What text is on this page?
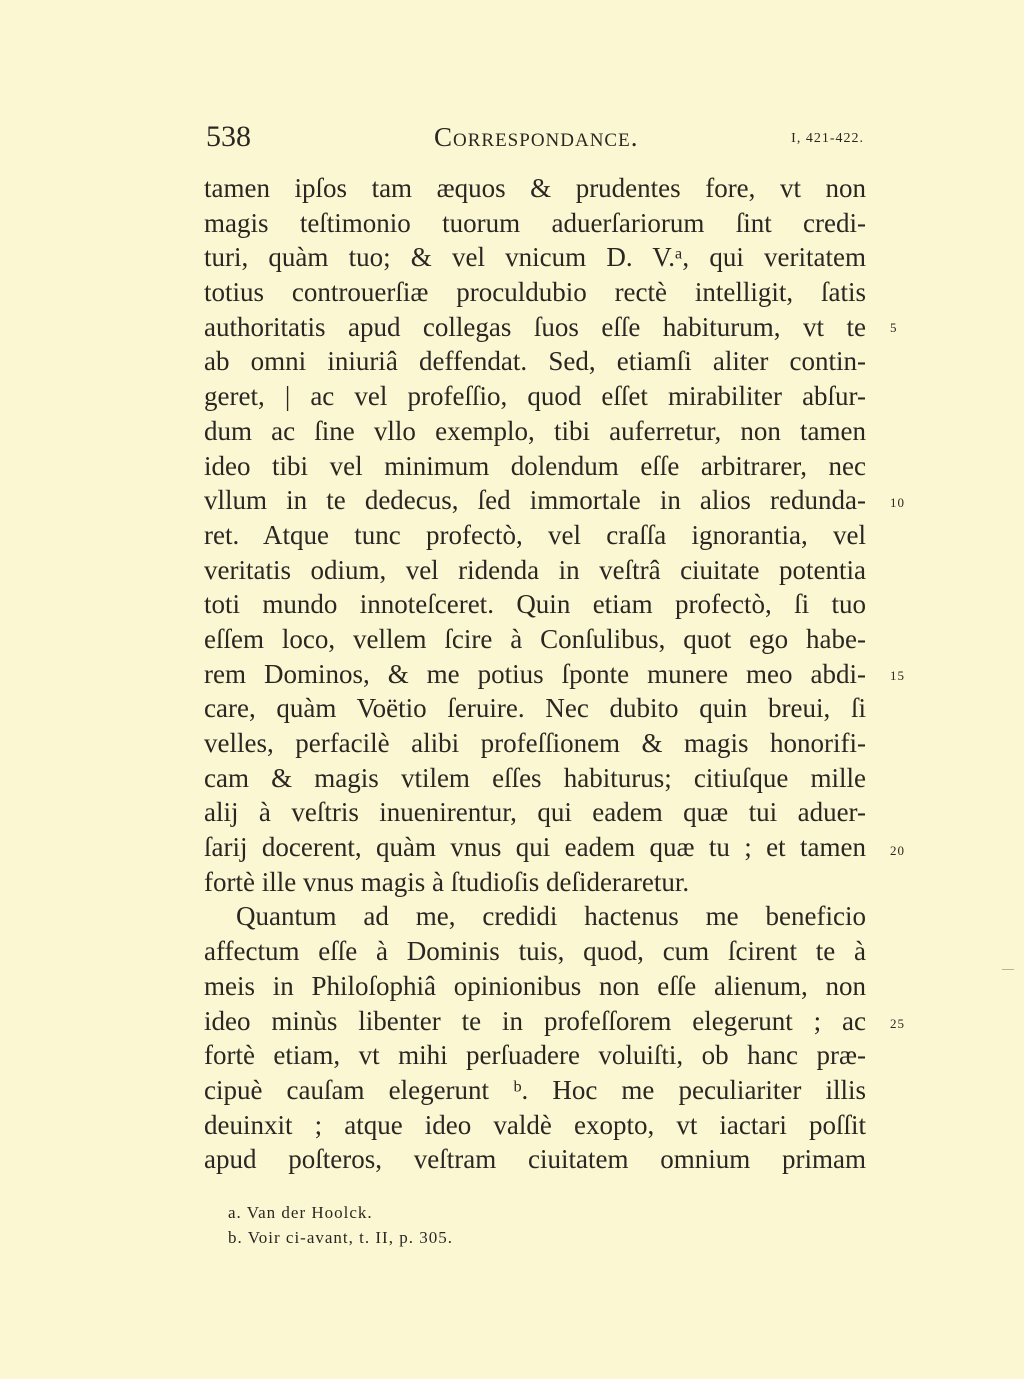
538	Correspondance.	I, 421-422.
tamen ipſos tam æquos & prudentes fore, vt non
magis teſtimonio tuorum aduerſariorum ſint credi-
turi, quàm tuo; & vel vnicum D. V.ᵃ, qui veritatem
totius controuerſiæ proculdubio rectè intelligit, ſatis
authoritatis apud collegas ſuos eſſe habiturum, vt te
ab omni iniuriâ deffendat. Sed, etiamſi aliter contin-
geret, | ac vel profeſſio, quod eſſet mirabiliter abſur-
dum ac ſine vllo exemplo, tibi auferretur, non tamen
ideo tibi vel minimum dolendum eſſe arbitrarer, nec
vllum in te dedecus, ſed immortale in alios redunda-
ret. Atque tunc profectò, vel craſſa ignorantia, vel
veritatis odium, vel ridenda in veſtrâ ciuitate potentia
toti mundo innoteſceret. Quin etiam profectò, ſi tuo
eſſem loco, vellem ſcire à Conſulibus, quot ego habe-
rem Dominos, & me potius ſponte munere meo abdi-
care, quàm Voëtio ſeruire. Nec dubito quin breui, ſi
velles, perfacilè alibi profeſſionem & magis honorifi-
cam & magis vtilem eſſes habiturus; citiuſque mille
alij à veſtris inuenirentur, qui eadem quæ tui aduer-
ſarij docerent, quàm vnus qui eadem quæ tu ; et tamen
fortè ille vnus magis à ſtudioſis deſideraretur.
Quantum ad me, credidi hactenus me beneficio
affectum eſſe à Dominis tuis, quod, cum ſcirent te à
meis in Philoſophiâ opinionibus non eſſe alienum, non
ideo minùs libenter te in profeſſorem elegerunt ; ac
fortè etiam, vt mihi perſuadere voluiſti, ob hanc præ-
cipuè cauſam elegerunt ᵇ. Hoc me peculiariter illis
deuinxit ; atque ideo valdè exopto, vt iactari poſſit
apud poſteros, veſtram ciuitatem omnium primam
5
10
15
20
25
a. Van der Hoolck.
b. Voir ci-avant, t. II, p. 305.
